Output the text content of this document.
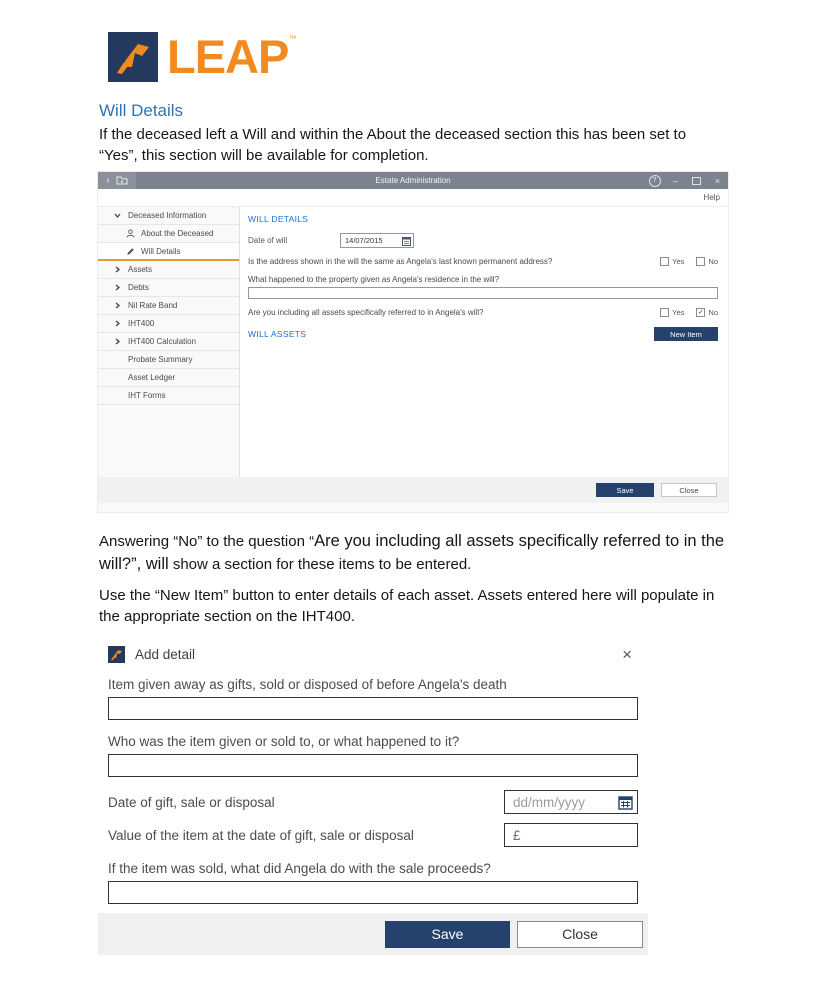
LEAP™
Will Details
If the deceased left a Will and within the About the deceased section this has been set to “Yes”, this section will be available for completion.
‹	Estate Administration	?	–	×
Help
Deceased Information
About the Deceased
Will Details
Assets
Debts
Nil Rate Band
IHT400
IHT400 Calculation
Probate Summary
Asset Ledger
IHT Forms
WILL DETAILS
Date of will	14/07/2015
Is the address shown in the will the same as Angela's last known permanent address?	Yes	No
What happened to the property given as Angela's residence in the will?
Are you including all assets specifically referred to in Angela's will?	Yes ✓ No
WILL ASSETS	New Item
Save	Close
Answering “No” to the question “Are you including all assets specifically referred to in the will?”, will show a section for these items to be entered.
Use the “New Item” button to enter details of each asset. Assets entered here will populate in the appropriate section on the IHT400.
Add detail	×
Item given away as gifts, sold or disposed of before Angela's death
Who was the item given or sold to, or what happened to it?
Date of gift, sale or disposal	dd/mm/yyyy
Value of the item at the date of gift, sale or disposal	£
If the item was sold, what did Angela do with the sale proceeds?
Save	Close
